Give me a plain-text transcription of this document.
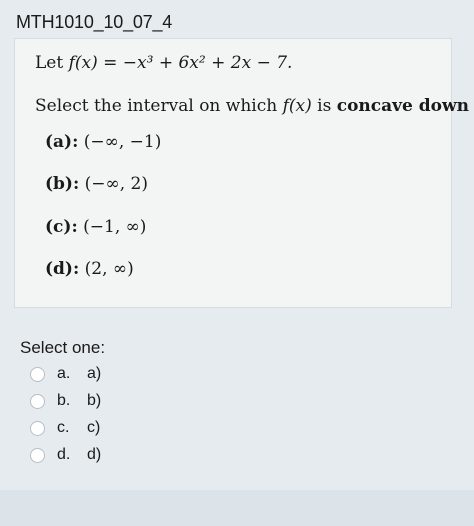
MTH1010_10_07_4
Let f(x) = −x³ + 6x² + 2x − 7.
Select the interval on which f(x) is concave down
(a): (−∞, −1)
(b): (−∞, 2)
(c): (−1, ∞)
(d): (2, ∞)
Select one:
a.	a)
b.	b)
c.	c)
d.	d)
